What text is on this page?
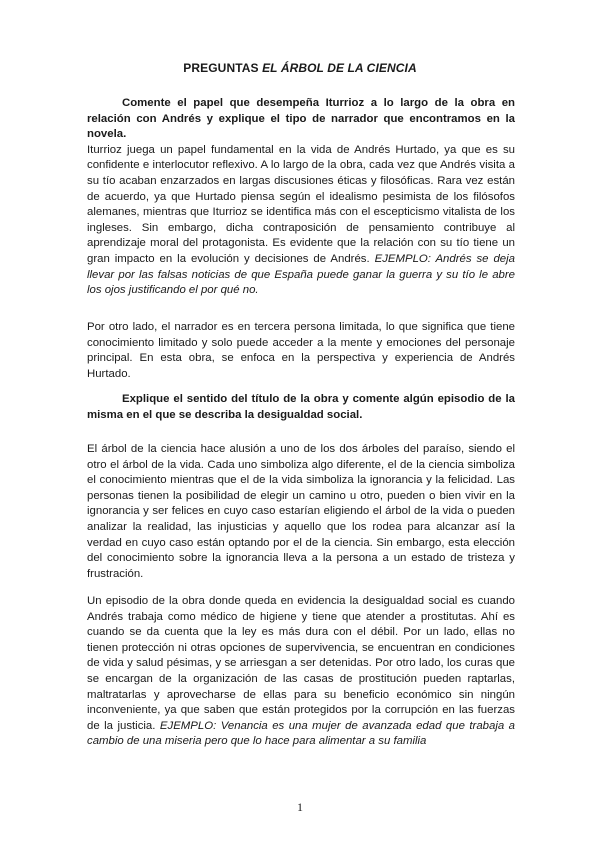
PREGUNTAS EL ÁRBOL DE LA CIENCIA

Comente el papel que desempeña Iturrioz a lo largo de la obra en relación con Andrés y explique el tipo de narrador que encontramos en la novela.

Iturrioz juega un papel fundamental en la vida de Andrés Hurtado, ya que es su confidente e interlocutor reflexivo. A lo largo de la obra, cada vez que Andrés visita a su tío acaban enzarzados en largas discusiones éticas y filosóficas. Rara vez están de acuerdo, ya que Hurtado piensa según el idealismo pesimista de los filósofos alemanes, mientras que Iturrioz se identifica más con el escepticismo vitalista de los ingleses. Sin embargo, dicha contraposición de pensamiento contribuye al aprendizaje moral del protagonista. Es evidente que la relación con su tío tiene un gran impacto en la evolución y decisiones de Andrés. EJEMPLO: Andrés se deja llevar por las falsas noticias de que España puede ganar la guerra y su tío le abre los ojos justificando el por qué no.

Por otro lado, el narrador es en tercera persona limitada, lo que significa que tiene conocimiento limitado y solo puede acceder a la mente y emociones del personaje principal. En esta obra, se enfoca en la perspectiva y experiencia de Andrés Hurtado.

Explique el sentido del título de la obra y comente algún episodio de la misma en el que se describa la desigualdad social.

El árbol de la ciencia hace alusión a uno de los dos árboles del paraíso, siendo el otro el árbol de la vida. Cada uno simboliza algo diferente, el de la ciencia simboliza el conocimiento mientras que el de la vida simboliza la ignorancia y la felicidad. Las personas tienen la posibilidad de elegir un camino u otro, pueden o bien vivir en la ignorancia y ser felices en cuyo caso estarían eligiendo el árbol de la vida o pueden analizar la realidad, las injusticias y aquello que los rodea para alcanzar así la verdad en cuyo caso están optando por el de la ciencia. Sin embargo, esta elección del conocimiento sobre la ignorancia lleva a la persona a un estado de tristeza y frustración.

Un episodio de la obra donde queda en evidencia la desigualdad social es cuando Andrés trabaja como médico de higiene y tiene que atender a prostitutas. Ahí es cuando se da cuenta que la ley es más dura con el débil. Por un lado, ellas no tienen protección ni otras opciones de supervivencia, se encuentran en condiciones de vida y salud pésimas, y se arriesgan a ser detenidas. Por otro lado, los curas que se encargan de la organización de las casas de prostitución pueden raptarlas, maltratarlas y aprovecharse de ellas para su beneficio económico sin ningún inconveniente, ya que saben que están protegidos por la corrupción en las fuerzas de la justicia. EJEMPLO: Venancia es una mujer de avanzada edad que trabaja a cambio de una miseria pero que lo hace para alimentar a su familia

1
